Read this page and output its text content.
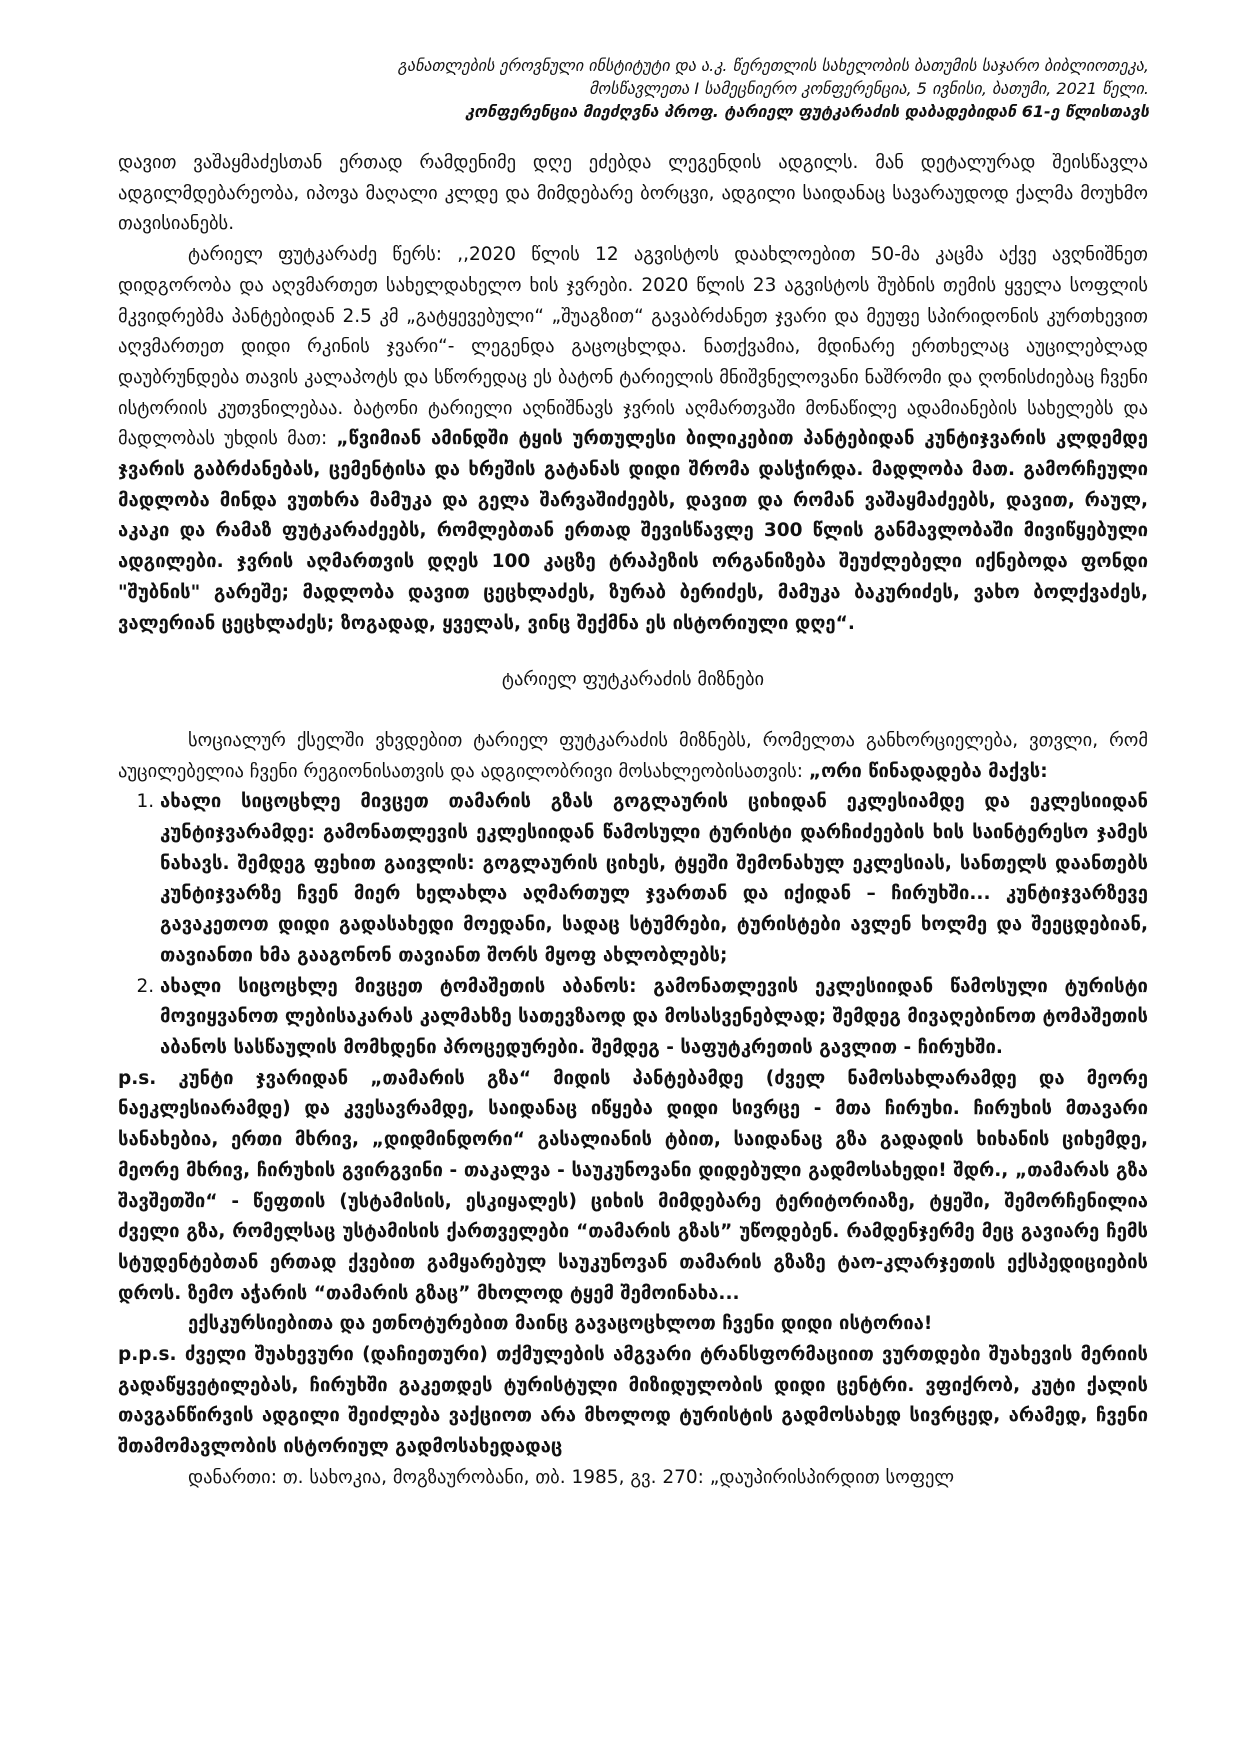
განათლების ეროვნული ინსტიტუტი და ა.კ. წერეთლის სახელობის ბათუმის საჯარო ბიბლიოთეკა,
მოსწავლეთა I სამეცნიერო კონფერენცია, 5 ივნისი, ბათუმი, 2021 წელი.
კონფერენცია მიეძღვნა პროფ. ტარიელ ფუტკარაძის დაბადებიდან 61-ე წლისთავს

დავით ვაშაყმაძესთან ერთად რამდენიმე დღე ეძებდა ლეგენდის ადგილს. მან დეტალურად შეისწავლა ადგილმდებარეობა, იპოვა მაღალი კლდე და მიმდებარე ბორცვი, ადგილი საიდანაც სავარაუდოდ ქალმა მოუხმო თავისიანებს.

ტარიელ ფუტკარაძე წერს: ,,2020 წლის 12 აგვისტოს დაახლოებით 50-მა კაცმა აქვე ავღნიშნეთ დიდგორობა და აღვმართეთ სახელდახელო ხის ჯვრები. 2020 წლის 23 აგვისტოს შუბნის თემის ყველა სოფლის მკვიდრებმა პანტებიდან 2.5 კმ „გატყევებული“ „შუაგზით“ გავაბრძანეთ ჯვარი და მეუფე სპირიდონის კურთხევით აღვმართეთ დიდი რკინის ჯვარი“- ლეგენდა გაცოცხლდა. ნათქვამია, მდინარე ერთხელაც აუცილებლად დაუბრუნდება თავის კალაპოტს და სწორედაც ეს ბატონ ტარიელის მნიშვნელოვანი ნაშრომი და ღონისძიებაც ჩვენი ისტორიის კუთვნილებაა. ბატონი ტარიელი აღნიშნავს ჯვრის აღმართვაში მონაწილე ადამიანების სახელებს და მადლობას უხდის მათ: „წვიმიან ამინდში ტყის ურთულესი ბილიკებით პანტებიდან კუნტიჯვარის კლდემდე ჯვარის გაბრძანებას, ცემენტისა და ხრეშის გატანას დიდი შრომა დასჭირდა. მადლობა მათ. გამორჩეული მადლობა მინდა ვუთხრა მამუკა და გელა შარვაშიძეებს, დავით და რომან ვაშაყმაძეებს, დავით, რაულ, აკაკი და რამაზ ფუტკარაძეებს, რომლებთან ერთად შევისწავლე 300 წლის განმავლობაში მივიწყებული ადგილები. ჯვრის აღმართვის დღეს 100 კაცზე ტრაპეზის ორგანიზება შეუძლებელი იქნებოდა ფონდი "შუბნის" გარეშე; მადლობა დავით ცეცხლაძეს, ზურაბ ბერიძეს, მამუკა ბაკურიძეს, ვახო ბოლქვაძეს, ვალერიან ცეცხლაძეს; ზოგადად, ყველას, ვინც შექმნა ეს ისტორიული დღე“.

ტარიელ ფუტკარაძის მიზნები

სოციალურ ქსელში ვხვდებით ტარიელ ფუტკარაძის მიზნებს, რომელთა განხორციელება, ვთვლი, რომ აუცილებელია ჩვენი რეგიონისათვის და ადგილობრივი მოსახლეობისათვის: „ორი წინადადება მაქვს:

1. ახალი სიცოცხლე მივცეთ თამარის გზას გოგლაურის ციხიდან ეკლესიამდე და ეკლესიიდან კუნტიჯვარამდე: გამონათლევის ეკლესიიდან წამოსული ტურისტი დარჩიძეების ხის საინტერესო ჯამეს ნახავს. შემდეგ ფეხით გაივლის: გოგლაურის ციხეს, ტყეში შემონახულ ეკლესიას, სანთელს დაანთებს კუნტიჯვარზე ჩვენ მიერ ხელახლა აღმართულ ჯვართან და იქიდან – ჩირუხში... კუნტიჯვარზევე გავაკეთოთ დიდი გადასახედი მოედანი, სადაც სტუმრები, ტურისტები ავლენ ხოლმე და შეეცდებიან, თავიანთი ხმა გააგონონ თავიანთ შორს მყოფ ახლობლებს;
2. ახალი სიცოცხლე მივცეთ ტომაშეთის აბანოს: გამონათლევის ეკლესიიდან წამოსული ტურისტი მოვიყვანოთ ლებისაკარას კალმახზე სათევზაოდ და მოსასვენებლად; შემდეგ მივაღებინოთ ტომაშეთის აბანოს სასწაულის მომხდენი პროცედურები. შემდეგ - საფუტკრეთის გავლით - ჩირუხში.

p.s. კუნტი ჯვარიდან „თამარის გზა“ მიდის პანტებამდე (ძველ ნამოსახლარამდე და მეორე ნაეკლესიარამდე) და კვესავრამდე, საიდანაც იწყება დიდი სივრცე - მთა ჩირუხი. ჩირუხის მთავარი სანახებია, ერთი მხრივ, „დიდმინდორი“ გასალიანის ტბით, საიდანაც გზა გადადის ხიხანის ციხემდე, მეორე მხრივ, ჩირუხის გვირგვინი - თაკალვა - საუკუნოვანი დიდებული გადმოსახედი! შდრ., „თამარას გზა შავშეთში“ - წეფთის (უსტამისის, ესკიყალეს) ციხის მიმდებარე ტერიტორიაზე, ტყეში, შემორჩენილია ძველი გზა, რომელსაც უსტამისის ქართველები “თამარის გზას” უწოდებენ. რამდენჯერმე მეც გავიარე ჩემს სტუდენტებთან ერთად ქვებით გამყარებულ საუკუნოვან თამარის გზაზე ტაო-კლარჯეთის ექსპედიციების დროს. ზემო აჭარის “თამარის გზაც” მხოლოდ ტყემ შემოინახა...

ექსკურსიებითა და ეთნოტურებით მაინც გავაცოცხლოთ ჩვენი დიდი ისტორია!

p.p.s. ძველი შუახევური (დაჩიეთური) თქმულების ამგვარი ტრანსფორმაციით ვურთდები შუახევის მერიის გადაწყვეტილებას, ჩირუხში გაკეთდეს ტურისტული მიზიდულობის დიდი ცენტრი. ვფიქრობ, კუტი ქალის თავგანწირვის ადგილი შეიძლება ვაქციოთ არა მხოლოდ ტურისტის გადმოსახედ სივრცედ, არამედ, ჩვენი შთამომავლობის ისტორიულ გადმოსახედადაც

დანართი: თ. სახოკია, მოგზაურობანი, თბ. 1985, გვ. 270: „დაუპირისპირდით სოფელ
